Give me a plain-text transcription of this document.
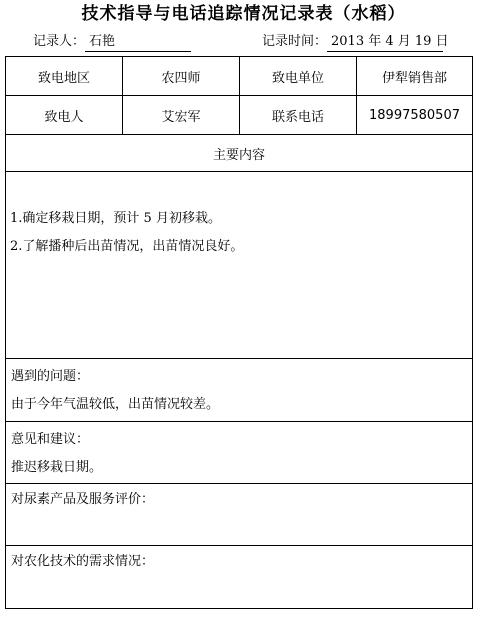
技术指导与电话追踪情况记录表（水稻）
记录人： 石艳	记录时间： 2013 年 4 月 19 日
致电地区	农四师	致电单位	伊犁销售部
致电人	艾宏军	联系电话	18997580507
主要内容			

1.确定移栽日期，预计 5 月初移栽。
2.了解播种后出苗情况，出苗情况良好。			

遇到的问题：
由于今年气温较低，出苗情况较差。			

意见和建议：
推迟移栽日期。			

对尿素产品及服务评价：			

对农化技术的需求情况：			
